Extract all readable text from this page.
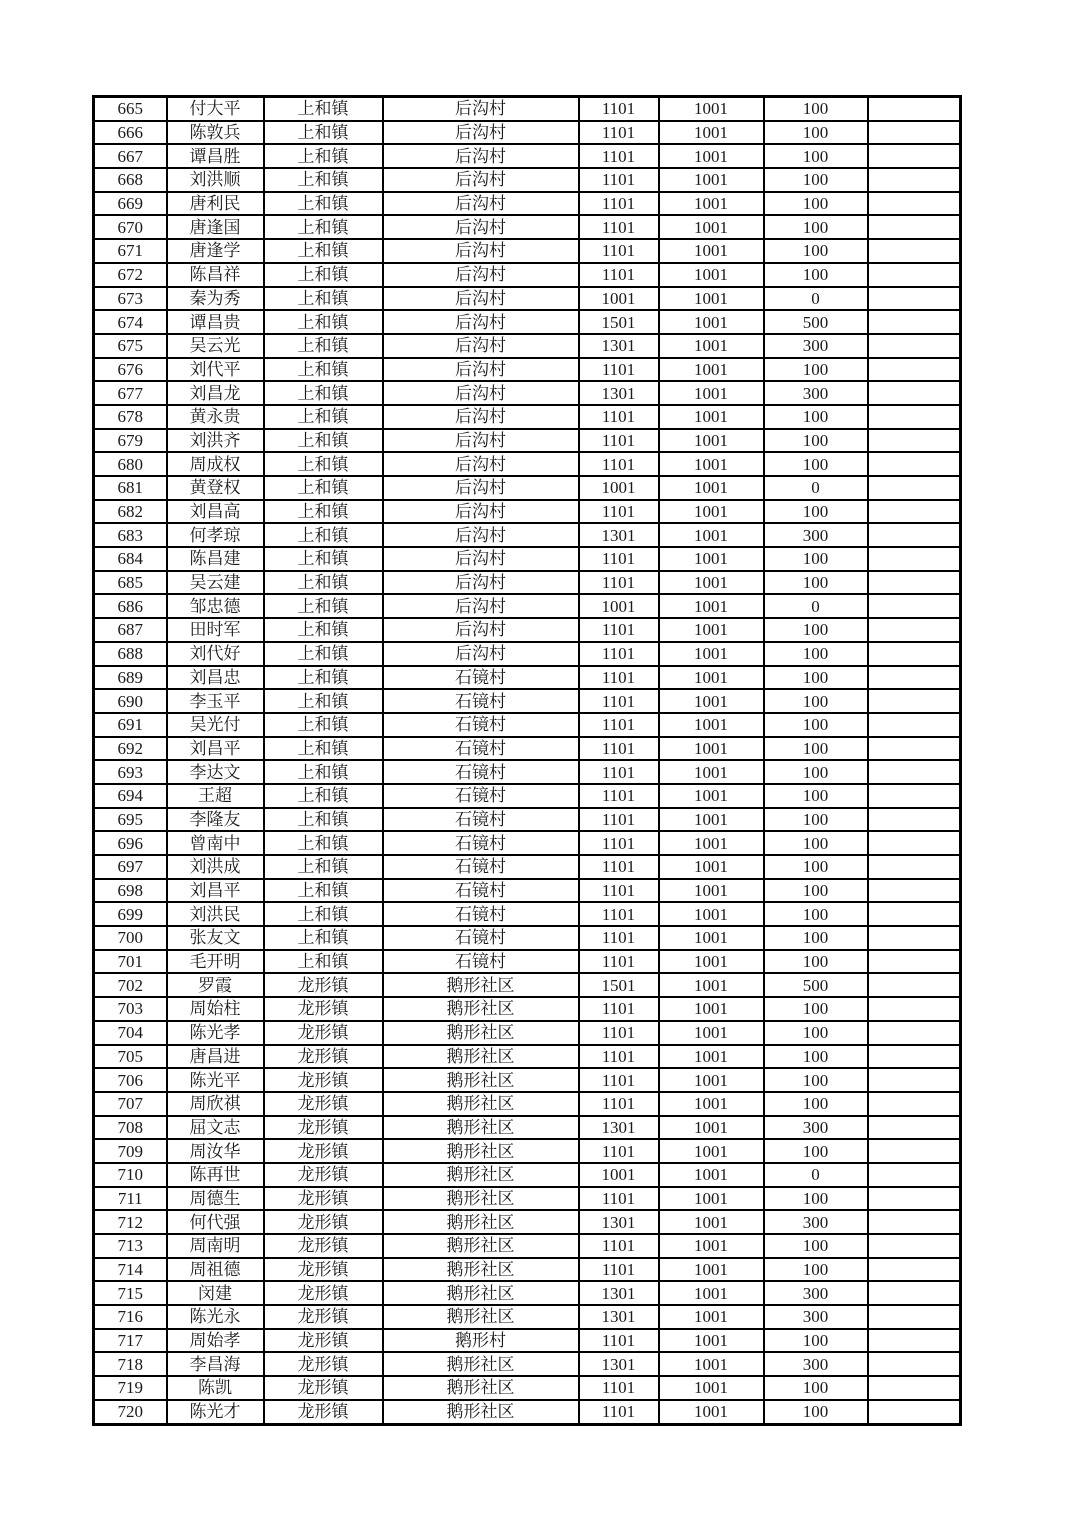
665	付大平	上和镇	后沟村	1101	1001	100	
666	陈敦兵	上和镇	后沟村	1101	1001	100	
667	谭昌胜	上和镇	后沟村	1101	1001	100	
668	刘洪顺	上和镇	后沟村	1101	1001	100	
669	唐利民	上和镇	后沟村	1101	1001	100	
670	唐逢国	上和镇	后沟村	1101	1001	100	
671	唐逢学	上和镇	后沟村	1101	1001	100	
672	陈昌祥	上和镇	后沟村	1101	1001	100	
673	秦为秀	上和镇	后沟村	1001	1001	0	
674	谭昌贵	上和镇	后沟村	1501	1001	500	
675	吴云光	上和镇	后沟村	1301	1001	300	
676	刘代平	上和镇	后沟村	1101	1001	100	
677	刘昌龙	上和镇	后沟村	1301	1001	300	
678	黄永贵	上和镇	后沟村	1101	1001	100	
679	刘洪齐	上和镇	后沟村	1101	1001	100	
680	周成权	上和镇	后沟村	1101	1001	100	
681	黄登权	上和镇	后沟村	1001	1001	0	
682	刘昌高	上和镇	后沟村	1101	1001	100	
683	何孝琼	上和镇	后沟村	1301	1001	300	
684	陈昌建	上和镇	后沟村	1101	1001	100	
685	吴云建	上和镇	后沟村	1101	1001	100	
686	邹忠德	上和镇	后沟村	1001	1001	0	
687	田时军	上和镇	后沟村	1101	1001	100	
688	刘代好	上和镇	后沟村	1101	1001	100	
689	刘昌忠	上和镇	石镜村	1101	1001	100	
690	李玉平	上和镇	石镜村	1101	1001	100	
691	吴光付	上和镇	石镜村	1101	1001	100	
692	刘昌平	上和镇	石镜村	1101	1001	100	
693	李达文	上和镇	石镜村	1101	1001	100	
694	王超	上和镇	石镜村	1101	1001	100	
695	李隆友	上和镇	石镜村	1101	1001	100	
696	曾南中	上和镇	石镜村	1101	1001	100	
697	刘洪成	上和镇	石镜村	1101	1001	100	
698	刘昌平	上和镇	石镜村	1101	1001	100	
699	刘洪民	上和镇	石镜村	1101	1001	100	
700	张友文	上和镇	石镜村	1101	1001	100	
701	毛开明	上和镇	石镜村	1101	1001	100	
702	罗霞	龙形镇	鹅形社区	1501	1001	500	
703	周始柱	龙形镇	鹅形社区	1101	1001	100	
704	陈光孝	龙形镇	鹅形社区	1101	1001	100	
705	唐昌进	龙形镇	鹅形社区	1101	1001	100	
706	陈光平	龙形镇	鹅形社区	1101	1001	100	
707	周欣祺	龙形镇	鹅形社区	1101	1001	100	
708	屈文志	龙形镇	鹅形社区	1301	1001	300	
709	周汝华	龙形镇	鹅形社区	1101	1001	100	
710	陈再世	龙形镇	鹅形社区	1001	1001	0	
711	周德生	龙形镇	鹅形社区	1101	1001	100	
712	何代强	龙形镇	鹅形社区	1301	1001	300	
713	周南明	龙形镇	鹅形社区	1101	1001	100	
714	周祖德	龙形镇	鹅形社区	1101	1001	100	
715	闵建	龙形镇	鹅形社区	1301	1001	300	
716	陈光永	龙形镇	鹅形社区	1301	1001	300	
717	周始孝	龙形镇	鹅形村	1101	1001	100	
718	李昌海	龙形镇	鹅形社区	1301	1001	300	
719	陈凯	龙形镇	鹅形社区	1101	1001	100	
720	陈光才	龙形镇	鹅形社区	1101	1001	100	
